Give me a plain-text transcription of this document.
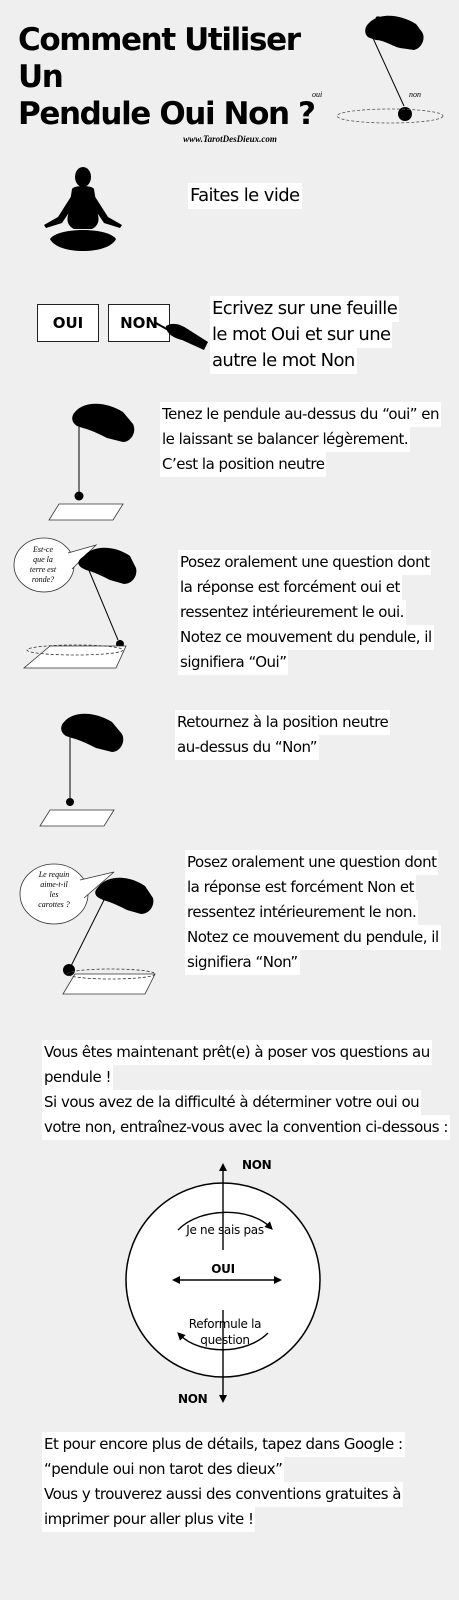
Comment Utiliser Un
Pendule Oui Non ?
www.TarotDesDieux.com
oui	non
Faites le vide
OUI	NON
Ecrivez sur une feuille
le mot Oui et sur une
autre le mot Non
Tenez le pendule au-dessus du “oui” en
le laissant se balancer légèrement.
C’est la position neutre
Est-ce
que la
terre est
ronde?
Posez oralement une question dont
la réponse est forcément oui et
ressentez intérieurement le oui.
Notez ce mouvement du pendule, il
signifiera “Oui”
Retournez à la position neutre
au-dessus du “Non”
Le requin
aime-t-il
les
carottes ?
Posez oralement une question dont
la réponse est forcément Non et
ressentez intérieurement le non.
Notez ce mouvement du pendule, il
signifiera “Non”
Vous êtes maintenant prêt(e) à poser vos questions au
pendule !
Si vous avez de la difficulté à déterminer votre oui ou
votre non, entraînez-vous avec la convention ci-dessous :
NON
NON
OUI
Je ne sais pas
Reformule la
question
Et pour encore plus de détails, tapez dans Google :
“pendule oui non tarot des dieux”
Vous y trouverez aussi des conventions gratuites à
imprimer pour aller plus vite !
